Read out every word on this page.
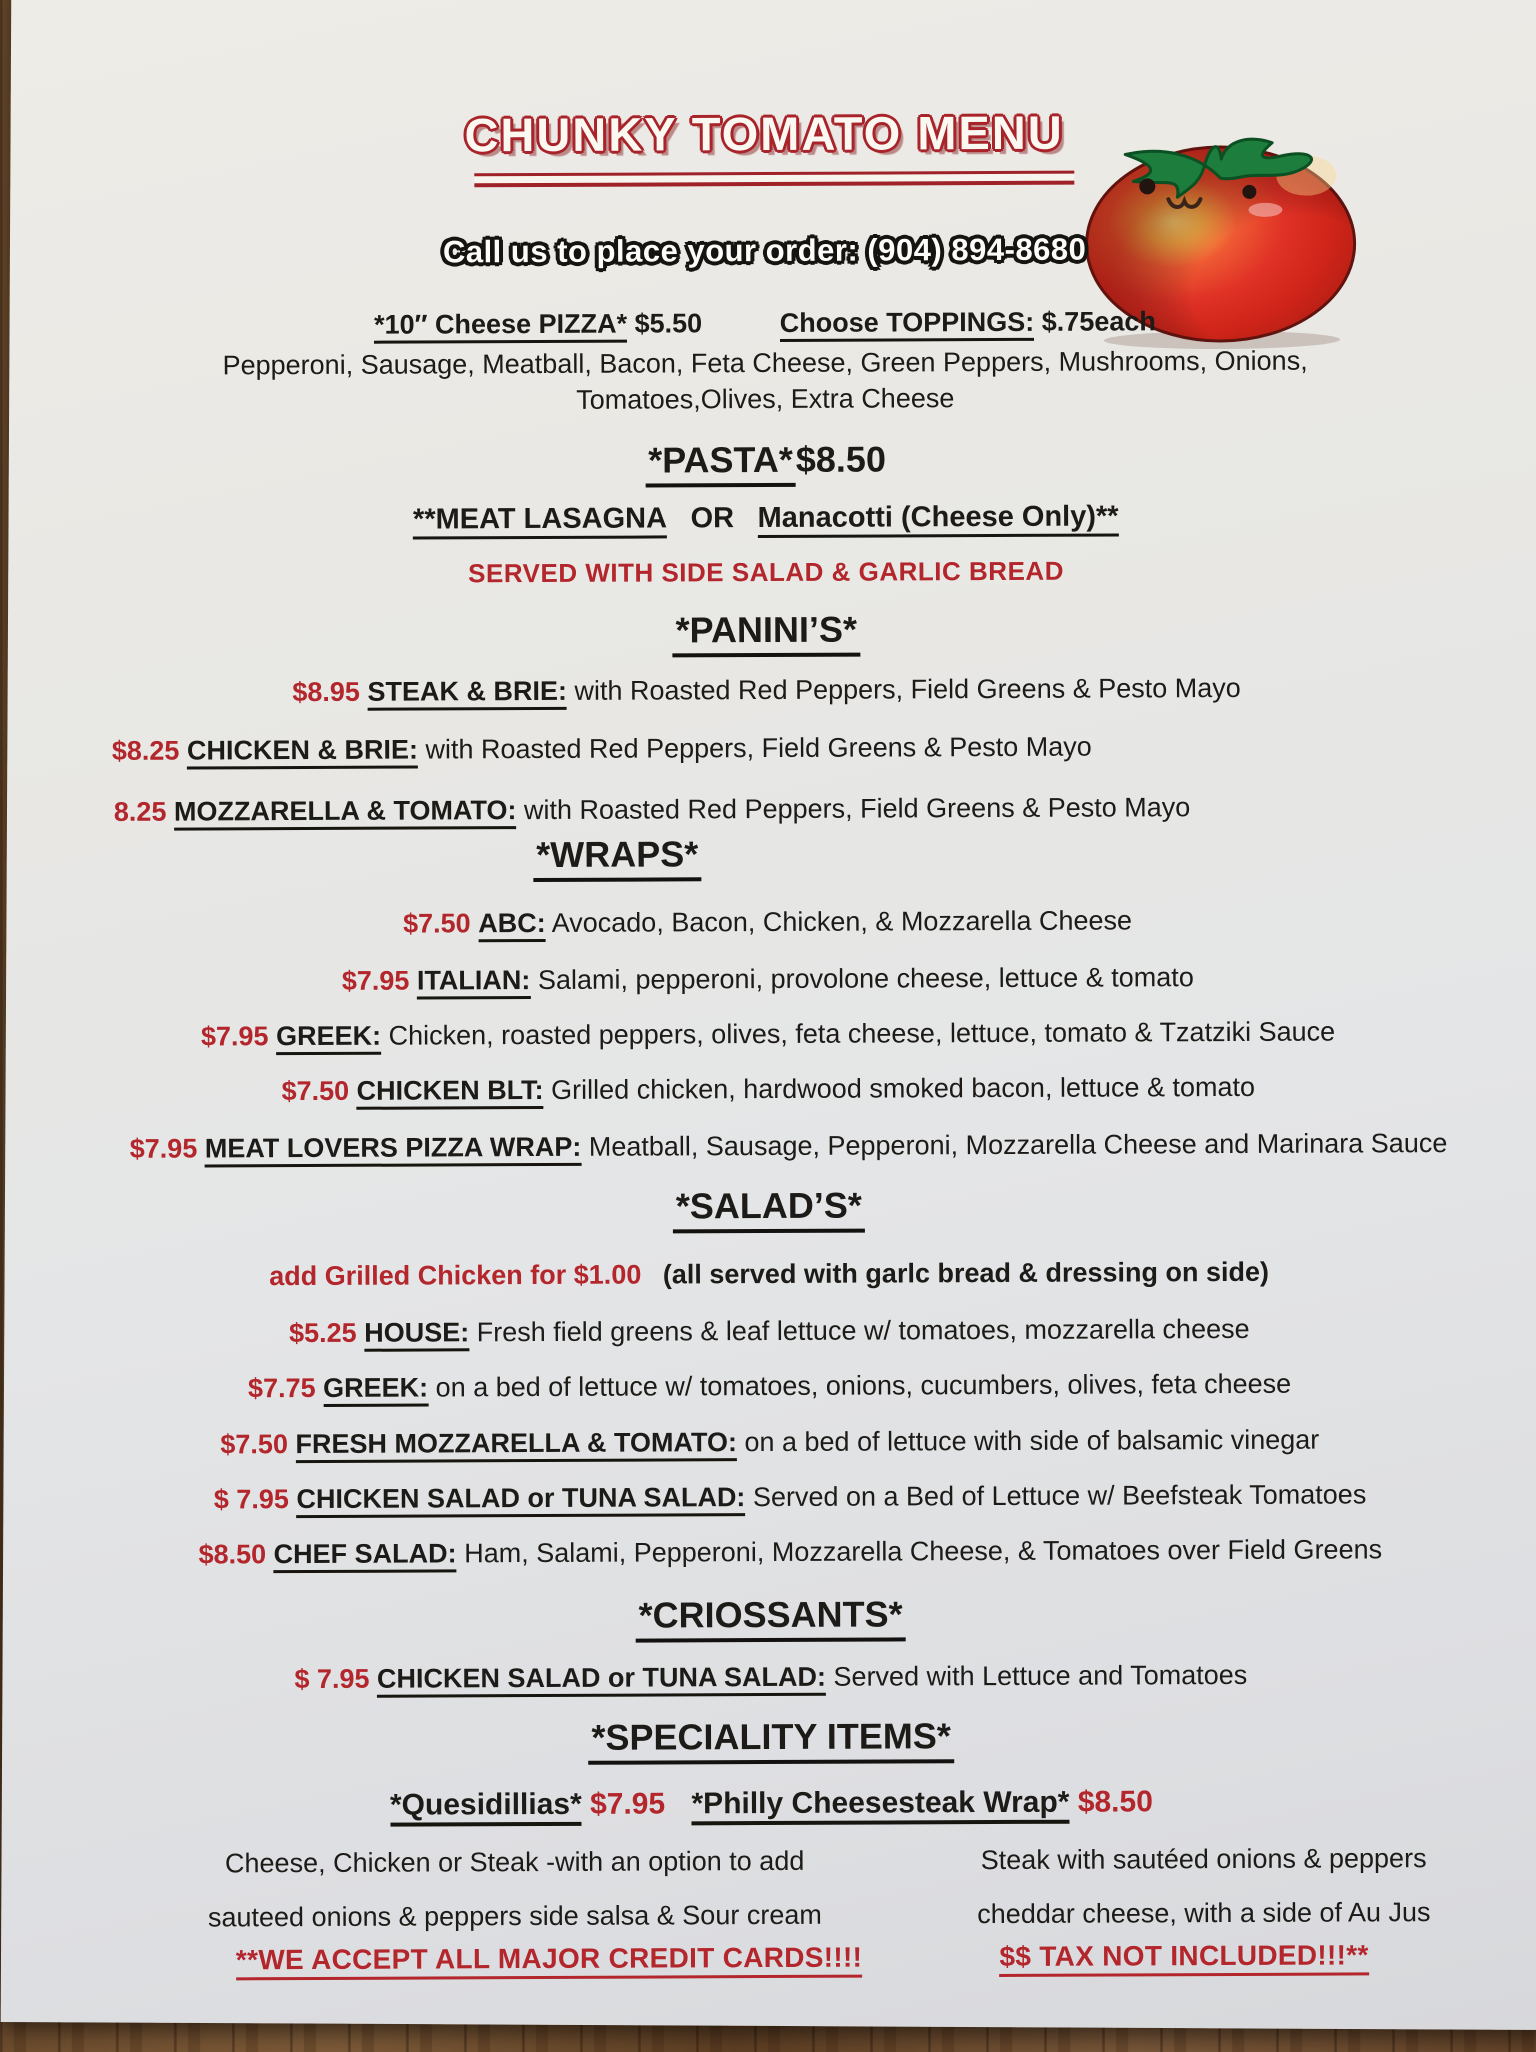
CHUNKY TOMATO MENU
Call us to place your order: (904) 894-8680
*10″ Cheese PIZZA* $5.50	Choose TOPPINGS: $.75each
Pepperoni, Sausage, Meatball, Bacon, Feta Cheese, Green Peppers, Mushrooms, Onions,
Tomatoes,Olives, Extra Cheese
*PASTA*$8.50
**MEAT LASAGNA OR Manacotti (Cheese Only)**
SERVED WITH SIDE SALAD & GARLIC BREAD
*PANINI’S*
$8.95 STEAK & BRIE: with Roasted Red Peppers, Field Greens & Pesto Mayo
$8.25 CHICKEN & BRIE: with Roasted Red Peppers, Field Greens & Pesto Mayo
8.25 MOZZARELLA & TOMATO: with Roasted Red Peppers, Field Greens & Pesto Mayo
*WRAPS*
$7.50 ABC: Avocado, Bacon, Chicken, & Mozzarella Cheese
$7.95 ITALIAN: Salami, pepperoni, provolone cheese, lettuce & tomato
$7.95 GREEK: Chicken, roasted peppers, olives, feta cheese, lettuce, tomato & Tzatziki Sauce
$7.50 CHICKEN BLT: Grilled chicken, hardwood smoked bacon, lettuce & tomato
$7.95 MEAT LOVERS PIZZA WRAP: Meatball, Sausage, Pepperoni, Mozzarella Cheese and Marinara Sauce
*SALAD’S*
add Grilled Chicken for $1.00 (all served with garlc bread & dressing on side)
$5.25 HOUSE: Fresh field greens & leaf lettuce w/ tomatoes, mozzarella cheese
$7.75 GREEK: on a bed of lettuce w/ tomatoes, onions, cucumbers, olives, feta cheese
$7.50 FRESH MOZZARELLA & TOMATO: on a bed of lettuce with side of balsamic vinegar
$ 7.95 CHICKEN SALAD or TUNA SALAD: Served on a Bed of Lettuce w/ Beefsteak Tomatoes
$8.50 CHEF SALAD: Ham, Salami, Pepperoni, Mozzarella Cheese, & Tomatoes over Field Greens
*CRIOSSANTS*
$ 7.95 CHICKEN SALAD or TUNA SALAD: Served with Lettuce and Tomatoes
*SPECIALITY ITEMS*
*Quesidillias* $7.95 *Philly Cheesesteak Wrap* $8.50
Cheese, Chicken or Steak -with an option to add	Steak with sautéed onions & peppers
sauteed onions & peppers side salsa & Sour cream	cheddar cheese, with a side of Au Jus
**WE ACCEPT ALL MAJOR CREDIT CARDS!!!!	$$ TAX NOT INCLUDED!!!**
